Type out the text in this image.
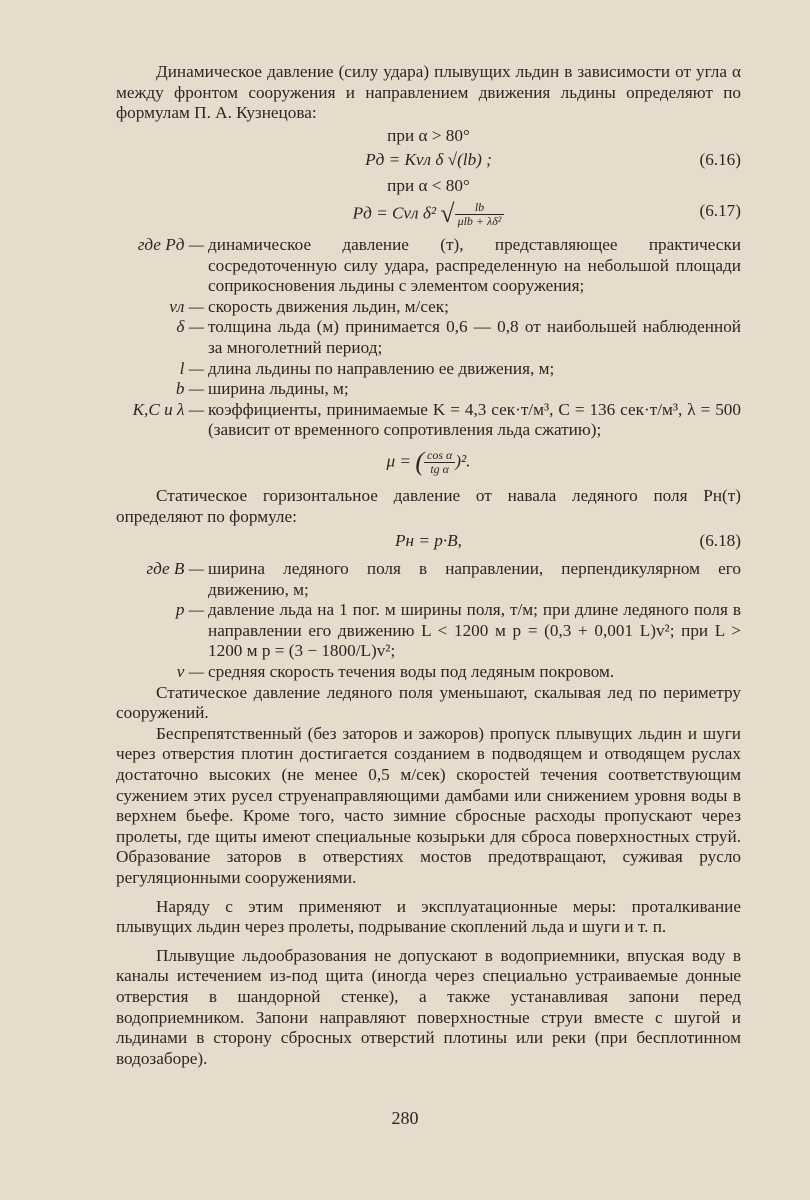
Динамическое давление (силу удара) плывущих льдин в зависимости от угла α между фронтом сооружения и направлением движения льдины определяют по формулам П. А. Кузнецова:

при α > 80°
Pд = Kvл δ √(lb) ;	(6.16)
при α < 80°
Pд = Cvл δ² √ $\frac{lb}{\text{μlb + λδ²}}$	(6.17)
где Pд — динамическое давление (т), представляющее практически сосредоточенную силу удара, распределенную на небольшой площади соприкосновения льдины с элементом сооружения;
vл — скорость движения льдин, м/сек;
δ — толщина льда (м) принимается 0,6 — 0,8 от наибольшей наблюденной за многолетний период;
l — длина льдины по направлению ее движения, м;
b — ширина льдины, м;
K,C и λ — коэффициенты, принимаемые K = 4,3 сек·т/м³, C = 136 сек·т/м³, λ = 500 (зависит от временного сопротивления льда сжатию);
μ = ( $\frac{\text{cos α}}{\text{tg α}} )^2$.

Статическое горизонтальное давление от навала ледяного поля Pн(т) определяют по формуле:

Pн = p·B,	(6.18)
где B — ширина ледяного поля в направлении, перпендикулярном его движению, м;
p — давление льда на 1 пог. м ширины поля, т/м; при длине ледяного поля в направлении его движению L < 1200 м p = (0,3 + 0,001 L)v²; при L > 1200 м p = (3 − 1800/L)v²;
v — средняя скорость течения воды под ледяным покровом.

Статическое давление ледяного поля уменьшают, скалывая лед по периметру сооружений.

Беспрепятственный (без заторов и зажоров) пропуск плывущих льдин и шуги через отверстия плотин достигается созданием в подводящем и отводящем руслах достаточно высоких (не менее 0,5 м/сек) скоростей течения соответствующим сужением этих русел струенаправляющими дамбами или снижением уровня воды в верхнем бьефе. Кроме того, часто зимние сбросные расходы пропускают через пролеты, где щиты имеют специальные козырьки для сброса поверхностных струй. Образование заторов в отверстиях мостов предотвращают, суживая русло регуляционными сооружениями.

Наряду с этим применяют и эксплуатационные меры: проталкивание плывущих льдин через пролеты, подрывание скоплений льда и шуги и т. п.

Плывущие льдообразования не допускают в водоприемники, впуская воду в каналы истечением из-под щита (иногда через специально устраиваемые донные отверстия в шандорной стенке), а также устанавливая запони перед водоприемником. Запони направляют поверхностные струи вместе с шугой и льдинами в сторону сбросных отверстий плотины или реки (при бесплотинном водозаборе).

280
